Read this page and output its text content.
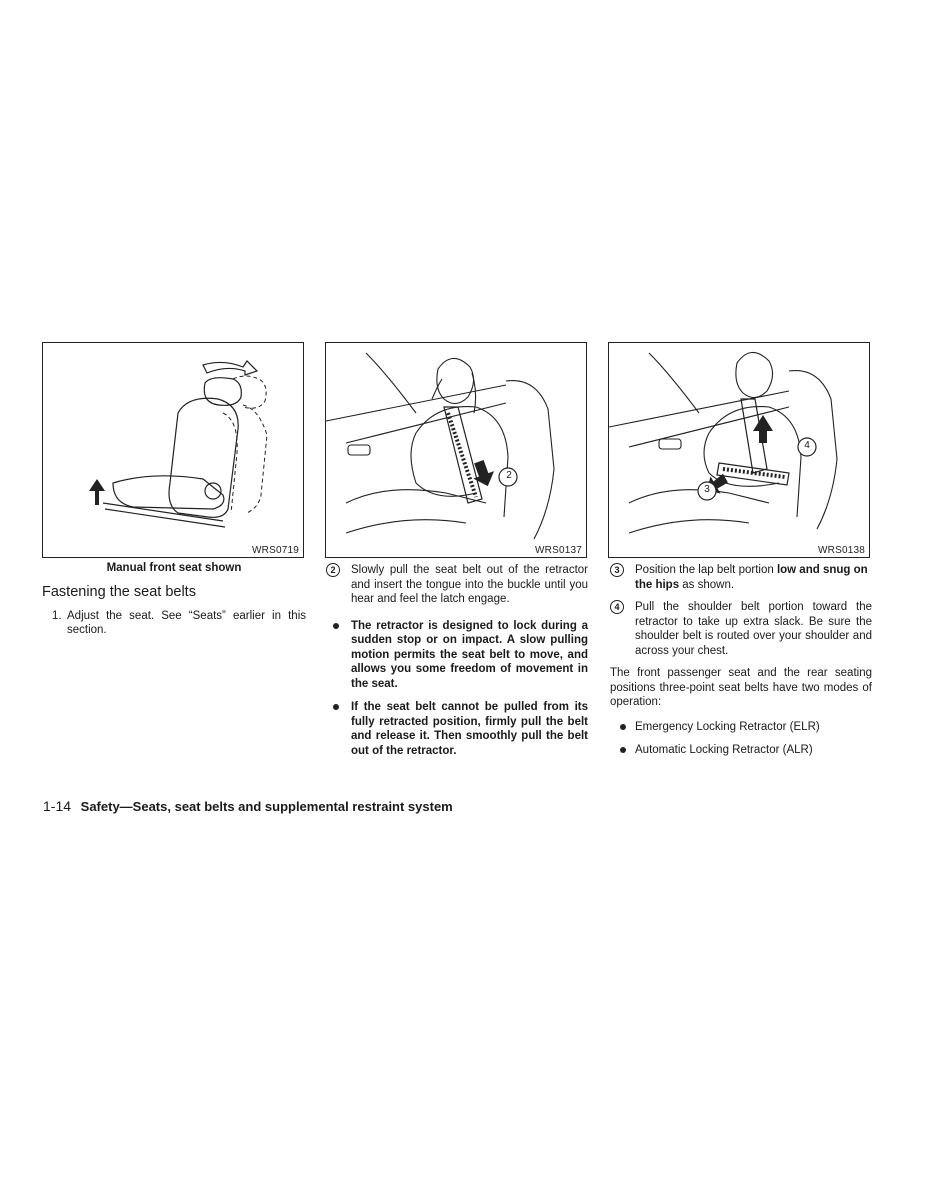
WRS0719
2
WRS0137
4
3
WRS0138
Manual front seat shown
Fastening the seat belts
1. Adjust the seat. See “Seats” earlier in this section.
2	Slowly pull the seat belt out of the retractor and insert the tongue into the buckle until you hear and feel the latch engage.
The retractor is designed to lock during a sudden stop or on impact. A slow pulling motion permits the seat belt to move, and allows you some freedom of movement in the seat.
If the seat belt cannot be pulled from its fully retracted position, firmly pull the belt and release it. Then smoothly pull the belt out of the retractor.
3	Position the lap belt portion low and snug on the hips as shown.
4	Pull the shoulder belt portion toward the retractor to take up extra slack. Be sure the shoulder belt is routed over your shoulder and across your chest.
The front passenger seat and the rear seating positions three-point seat belts have two modes of operation:
Emergency Locking Retractor (ELR)
Automatic Locking Retractor (ALR)
1-14 Safety—Seats, seat belts and supplemental restraint system
